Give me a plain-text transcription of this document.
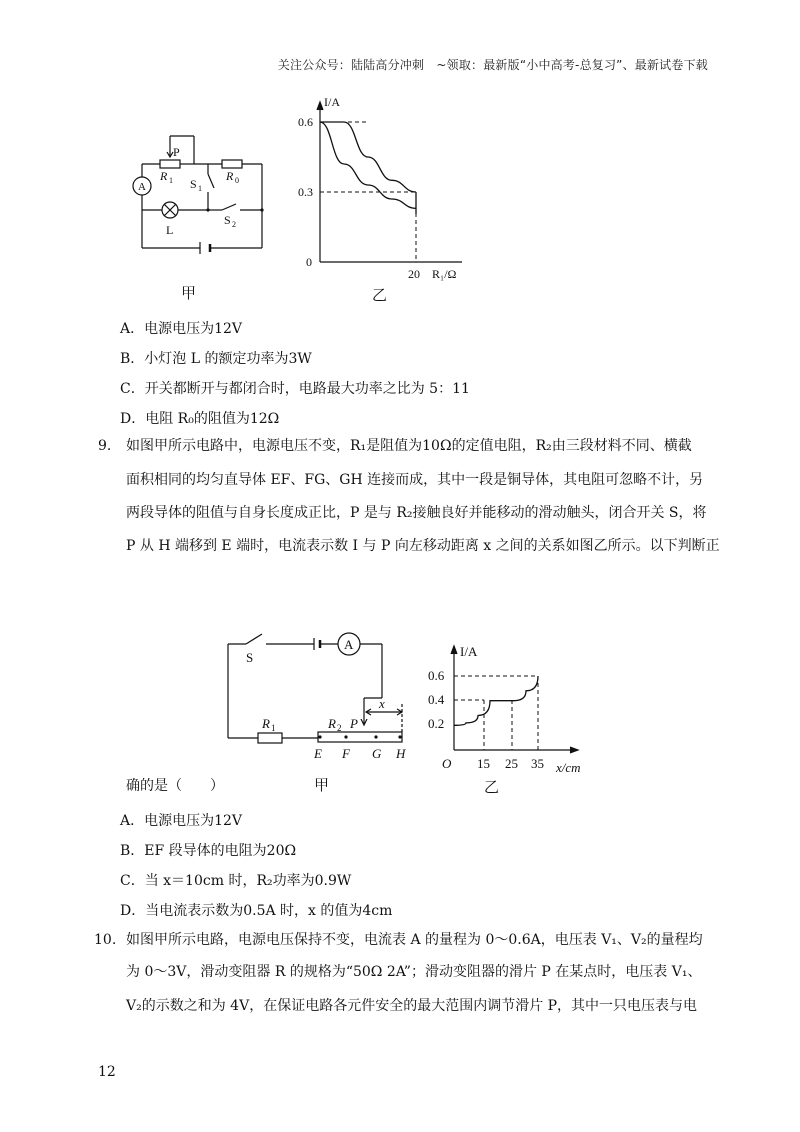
关注公众号：陆陆高分冲刺　~领取：最新版“小中高考-总复习”、最新试卷下载
A
P
R 1	R 0
S 1
S 2
L
甲
I/A
0.6
0.3
0
20 R₁/Ω
乙
A．电源电压为12V
B．小灯泡 L 的额定功率为3W
C．开关都断开与都闭合时，电路最大功率之比为 5：11
D．电阻 R₀的阻值为12Ω
9. 如图甲所示电路中，电源电压不变，R₁是阻值为10Ω的定值电阻，R₂由三段材料不同、横截
面积相同的均匀直导体 EF、FG、GH 连接而成，其中一段是铜导体，其电阻可忽略不计，另
两段导体的阻值与自身长度成正比，P 是与 R₂接触良好并能移动的滑动触头，闭合开关 S，将
P 从 H 端移到 E 端时，电流表示数 I 与 P 向左移动距离 x 之间的关系如图乙所示。以下判断正
A
S
R 1	R 2 P
x
E F G H
甲
I/A
0.6
0.4
0.2
O 15 25 35 x/cm
乙
确的是（　　）
A．电源电压为12V
B．EF 段导体的电阻为20Ω
C．当 x＝10cm 时，R₂功率为0.9W
D．当电流表示数为0.5A 时，x 的值为4cm
10. 如图甲所示电路，电源电压保持不变，电流表 A 的量程为 0～0.6A，电压表 V₁、V₂的量程均
为 0～3V，滑动变阻器 R 的规格为“50Ω 2A”；滑动变阻器的滑片 P 在某点时，电压表 V₁、
V₂的示数之和为 4V，在保证电路各元件安全的最大范围内调节滑片 P，其中一只电压表与电
12
